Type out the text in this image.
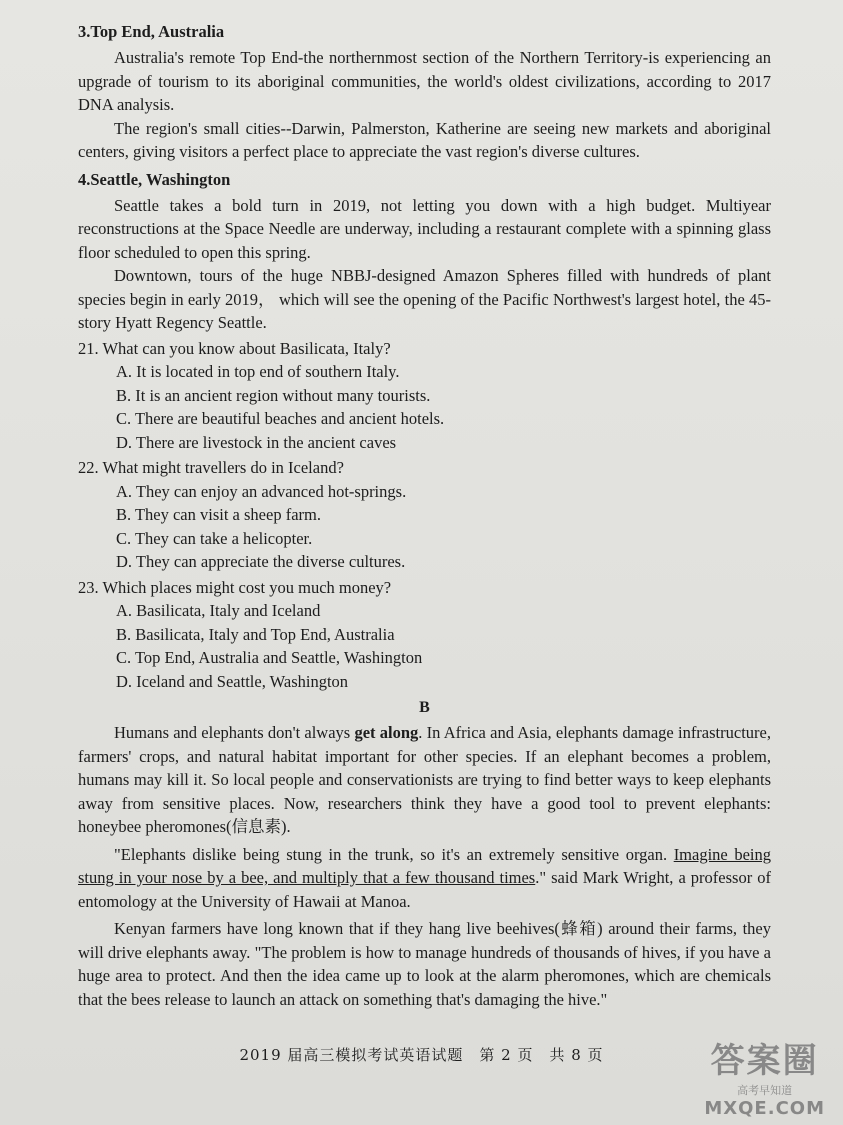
3.Top End, Australia

Australia's remote Top End-the northernmost section of the Northern Territory-is experiencing an upgrade of tourism to its aboriginal communities, the world's oldest civilizations, according to 2017 DNA analysis.

The region's small cities--Darwin, Palmerston, Katherine are seeing new markets and aboriginal centers, giving visitors a perfect place to appreciate the vast region's diverse cultures.

4.Seattle, Washington

Seattle takes a bold turn in 2019, not letting you down with a high budget. Multiyear reconstructions at the Space Needle are underway, including a restaurant complete with a spinning glass floor scheduled to open this spring.

Downtown, tours of the huge NBBJ-designed Amazon Spheres filled with hundreds of plant species begin in early 2019， which will see the opening of the Pacific Northwest's largest hotel, the 45-story Hyatt Regency Seattle.

21. What can you know about Basilicata, Italy?
A. It is located in top end of southern Italy.
B. It is an ancient region without many tourists.
C. There are beautiful beaches and ancient hotels.
D. There are livestock in the ancient caves
22. What might travellers do in Iceland?
A. They can enjoy an advanced hot-springs.
B. They can visit a sheep farm.
C. They can take a helicopter.
D. They can appreciate the diverse cultures.
23. Which places might cost you much money?
A. Basilicata, Italy and Iceland
B. Basilicata, Italy and Top End, Australia
C. Top End, Australia and Seattle, Washington
D. Iceland and Seattle, Washington
B

Humans and elephants don't always get along. In Africa and Asia, elephants damage infrastructure, farmers' crops, and natural habitat important for other species. If an elephant becomes a problem, humans may kill it. So local people and conservationists are trying to find better ways to keep elephants away from sensitive places. Now, researchers think they have a good tool to prevent elephants: honeybee pheromones(信息素).

"Elephants dislike being stung in the trunk, so it's an extremely sensitive organ. Imagine being stung in your nose by a bee, and multiply that a few thousand times." said Mark Wright, a professor of entomology at the University of Hawaii at Manoa.

Kenyan farmers have long known that if they hang live beehives(蜂箱) around their farms, they will drive elephants away. "The problem is how to manage hundreds of thousands of hives, if you have a huge area to protect. And then the idea came up to look at the alarm pheromones, which are chemicals that the bees release to launch an attack on something that's damaging the hive."

2019 届高三模拟考试英语试题　第 2 页　共 8 页	答案圈
高考早知道
MXQE.COM
